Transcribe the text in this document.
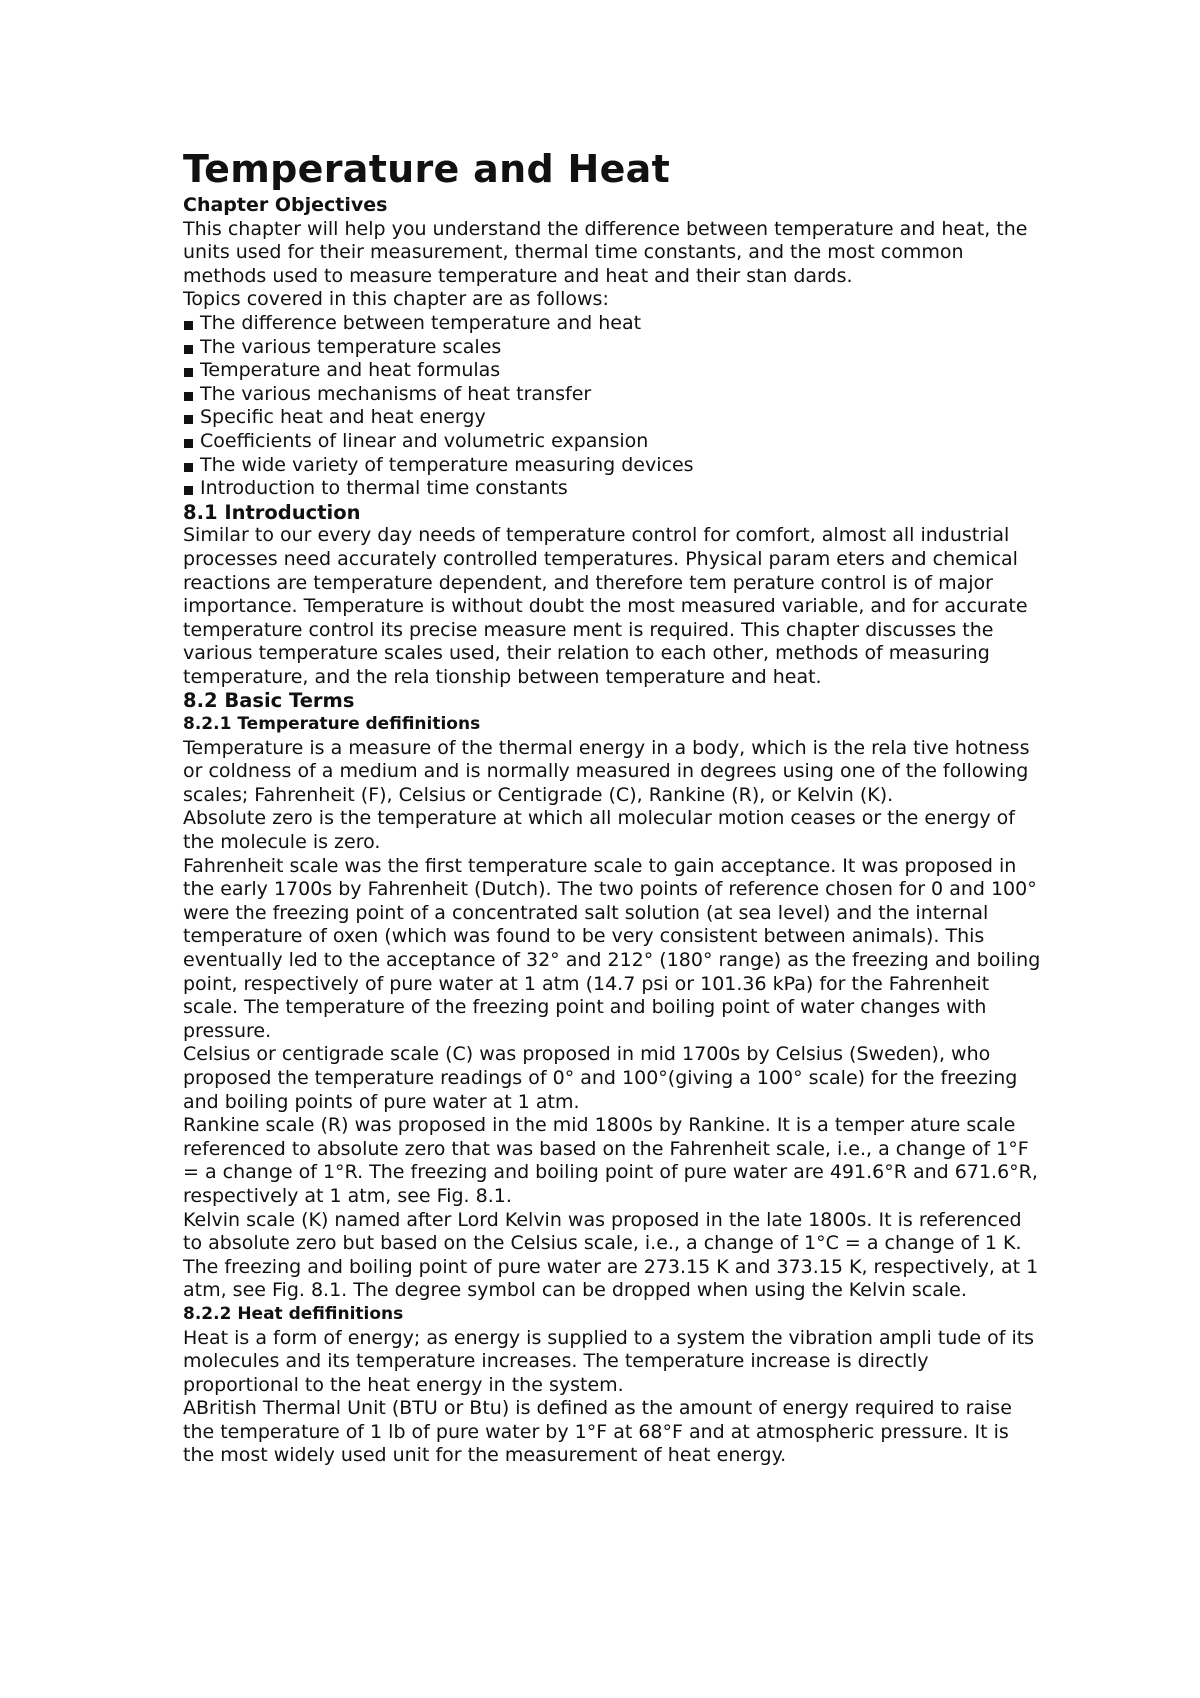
Temperature and Heat
Chapter Objectives

This chapter will help you understand the difference between temperature and heat, the units used for their measurement, thermal time constants, and the most common methods used to measure temperature and heat and their stan dards.

Topics covered in this chapter are as follows:

The difference between temperature and heat
The various temperature scales
Temperature and heat formulas
The various mechanisms of heat transfer
Specific heat and heat energy
Coefficients of linear and volumetric expansion
The wide variety of temperature measuring devices
Introduction to thermal time constants
8.1 Introduction

Similar to our every day needs of temperature control for comfort, almost all industrial processes need accurately controlled temperatures. Physical param eters and chemical reactions are temperature dependent, and therefore tem perature control is of major importance. Temperature is without doubt the most measured variable, and for accurate temperature control its precise measure ment is required. This chapter discusses the various temperature scales used, their relation to each other, methods of measuring temperature, and the rela tionship between temperature and heat.

8.2 Basic Terms
8.2.1 Temperature defifinitions

Temperature is a measure of the thermal energy in a body, which is the rela tive hotness or coldness of a medium and is normally measured in degrees using one of the following scales; Fahrenheit (F), Celsius or Centigrade (C), Rankine (R), or Kelvin (K).

Absolute zero is the temperature at which all molecular motion ceases or the energy of the molecule is zero.

Fahrenheit scale was the first temperature scale to gain acceptance. It was proposed in the early 1700s by Fahrenheit (Dutch). The two points of reference chosen for 0 and 100° were the freezing point of a concentrated salt solution (at sea level) and the internal temperature of oxen (which was found to be very consistent between animals). This eventually led to the acceptance of 32° and 212° (180° range) as the freezing and boiling point, respectively of pure water at 1 atm (14.7 psi or 101.36 kPa) for the Fahrenheit scale. The temperature of the freezing point and boiling point of water changes with pressure.

Celsius or centigrade scale (C) was proposed in mid 1700s by Celsius (Sweden), who proposed the temperature readings of 0° and 100°(giving a 100° scale) for the freezing and boiling points of pure water at 1 atm.

Rankine scale (R) was proposed in the mid 1800s by Rankine. It is a temper ature scale referenced to absolute zero that was based on the Fahrenheit scale, i.e., a change of 1°F = a change of 1°R. The freezing and boiling point of pure water are 491.6°R and 671.6°R, respectively at 1 atm, see Fig. 8.1.

Kelvin scale (K) named after Lord Kelvin was proposed in the late 1800s. It is referenced to absolute zero but based on the Celsius scale, i.e., a change of 1°C = a change of 1 K. The freezing and boiling point of pure water are 273.15 K and 373.15 K, respectively, at 1 atm, see Fig. 8.1. The degree symbol can be dropped when using the Kelvin scale.

8.2.2 Heat defifinitions

Heat is a form of energy; as energy is supplied to a system the vibration ampli tude of its molecules and its temperature increases. The temperature increase is directly proportional to the heat energy in the system.

ABritish Thermal Unit (BTU or Btu) is defined as the amount of energy required to raise the temperature of 1 lb of pure water by 1°F at 68°F and at atmospheric pressure. It is the most widely used unit for the measurement of heat energy.
